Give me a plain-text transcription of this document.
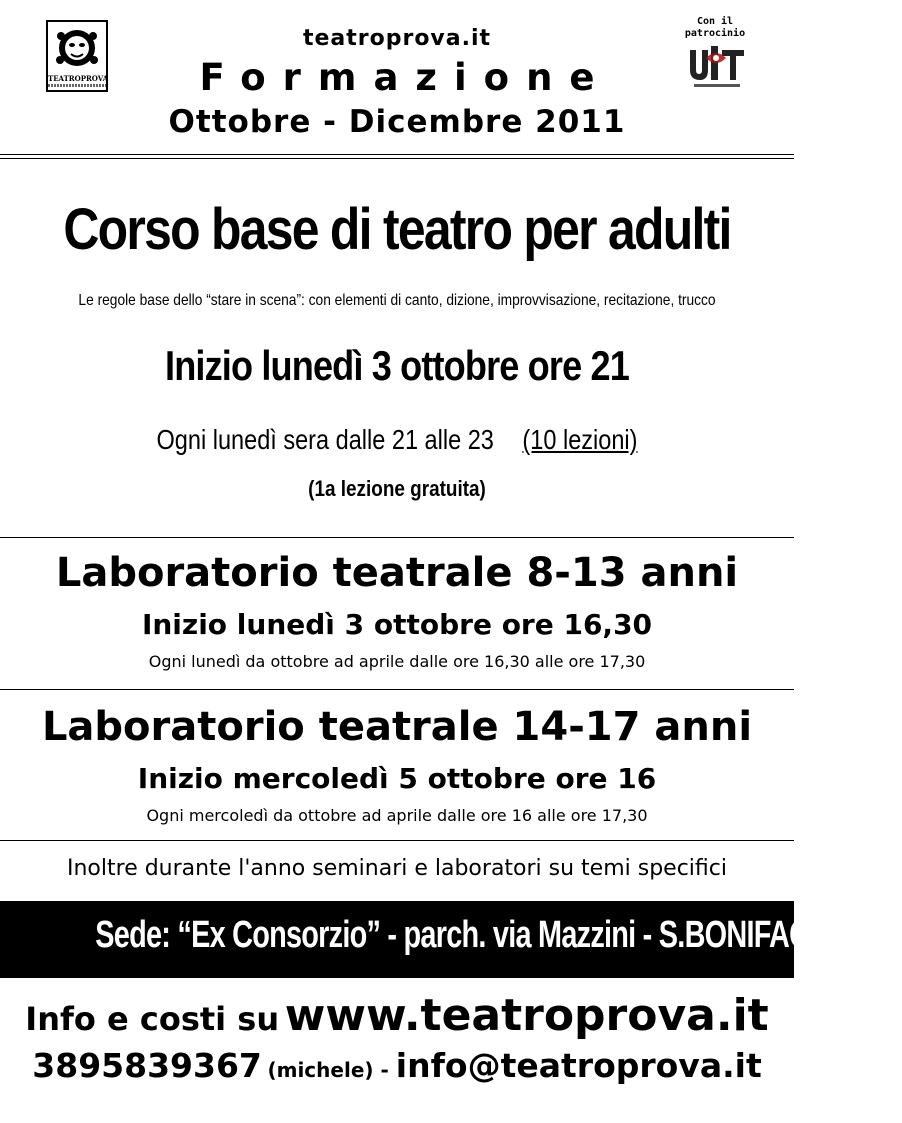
TEATROPROVA
teatroprova.it
Formazione
Ottobre - Dicembre 2011
Con il
patrocinio
Corso base di teatro per adulti
Le regole base dello “stare in scena”: con elementi di canto, dizione, improvvisazione, recitazione, trucco
Inizio lunedì 3 ottobre ore 21
Ogni lunedì sera dalle 21 alle 23 (10 lezioni)
(1a lezione gratuita)
Laboratorio teatrale 8-13 anni
Inizio lunedì 3 ottobre ore 16,30
Ogni lunedì da ottobre ad aprile dalle ore 16,30 alle ore 17,30
Laboratorio teatrale 14-17 anni
Inizio mercoledì 5 ottobre ore 16
Ogni mercoledì da ottobre ad aprile dalle ore 16 alle ore 17,30
Inoltre durante l'anno seminari e laboratori su temi specifici
Sede: “Ex Consorzio” - parch. via Mazzini - S.BONIFACIO (VR)
Info e costi su www.teatroprova.it
3895839367 (michele) - info@teatroprova.it
